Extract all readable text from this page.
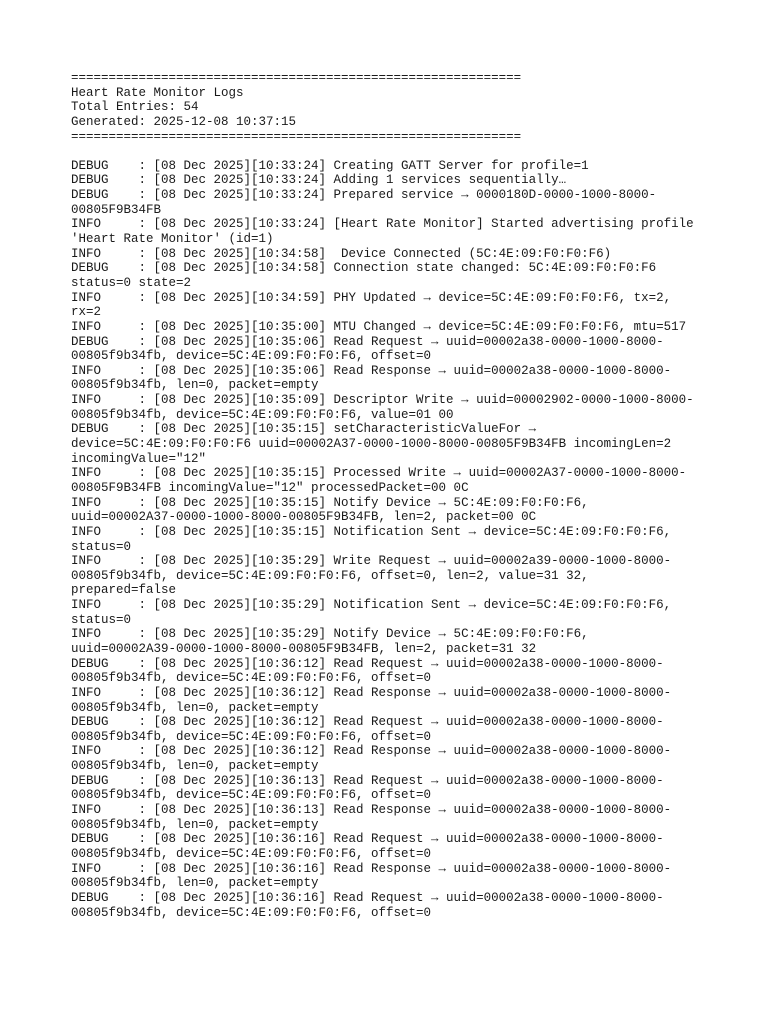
============================================================
Heart Rate Monitor Logs
Total Entries: 54
Generated: 2025-12-08 10:37:15
============================================================
DEBUG    : [08 Dec 2025][10:33:24] Creating GATT Server for profile=1
DEBUG    : [08 Dec 2025][10:33:24] Adding 1 services sequentially…
DEBUG    : [08 Dec 2025][10:33:24] Prepared service → 0000180D-0000-1000-8000-
00805F9B34FB
INFO     : [08 Dec 2025][10:33:24] [Heart Rate Monitor] Started advertising profile
'Heart Rate Monitor' (id=1)
INFO     : [08 Dec 2025][10:34:58]  Device Connected (5C:4E:09:F0:F0:F6)
DEBUG    : [08 Dec 2025][10:34:58] Connection state changed: 5C:4E:09:F0:F0:F6
status=0 state=2
INFO     : [08 Dec 2025][10:34:59] PHY Updated → device=5C:4E:09:F0:F0:F6, tx=2,
rx=2
INFO     : [08 Dec 2025][10:35:00] MTU Changed → device=5C:4E:09:F0:F0:F6, mtu=517
DEBUG    : [08 Dec 2025][10:35:06] Read Request → uuid=00002a38-0000-1000-8000-
00805f9b34fb, device=5C:4E:09:F0:F0:F6, offset=0
INFO     : [08 Dec 2025][10:35:06] Read Response → uuid=00002a38-0000-1000-8000-
00805f9b34fb, len=0, packet=empty
INFO     : [08 Dec 2025][10:35:09] Descriptor Write → uuid=00002902-0000-1000-8000-
00805f9b34fb, device=5C:4E:09:F0:F0:F6, value=01 00
DEBUG    : [08 Dec 2025][10:35:15] setCharacteristicValueFor →
device=5C:4E:09:F0:F0:F6 uuid=00002A37-0000-1000-8000-00805F9B34FB incomingLen=2
incomingValue="12"
INFO     : [08 Dec 2025][10:35:15] Processed Write → uuid=00002A37-0000-1000-8000-
00805F9B34FB incomingValue="12" processedPacket=00 0C
INFO     : [08 Dec 2025][10:35:15] Notify Device → 5C:4E:09:F0:F0:F6,
uuid=00002A37-0000-1000-8000-00805F9B34FB, len=2, packet=00 0C
INFO     : [08 Dec 2025][10:35:15] Notification Sent → device=5C:4E:09:F0:F0:F6,
status=0
INFO     : [08 Dec 2025][10:35:29] Write Request → uuid=00002a39-0000-1000-8000-
00805f9b34fb, device=5C:4E:09:F0:F0:F6, offset=0, len=2, value=31 32,
prepared=false
INFO     : [08 Dec 2025][10:35:29] Notification Sent → device=5C:4E:09:F0:F0:F6,
status=0
INFO     : [08 Dec 2025][10:35:29] Notify Device → 5C:4E:09:F0:F0:F6,
uuid=00002A39-0000-1000-8000-00805F9B34FB, len=2, packet=31 32
DEBUG    : [08 Dec 2025][10:36:12] Read Request → uuid=00002a38-0000-1000-8000-
00805f9b34fb, device=5C:4E:09:F0:F0:F6, offset=0
INFO     : [08 Dec 2025][10:36:12] Read Response → uuid=00002a38-0000-1000-8000-
00805f9b34fb, len=0, packet=empty
DEBUG    : [08 Dec 2025][10:36:12] Read Request → uuid=00002a38-0000-1000-8000-
00805f9b34fb, device=5C:4E:09:F0:F0:F6, offset=0
INFO     : [08 Dec 2025][10:36:12] Read Response → uuid=00002a38-0000-1000-8000-
00805f9b34fb, len=0, packet=empty
DEBUG    : [08 Dec 2025][10:36:13] Read Request → uuid=00002a38-0000-1000-8000-
00805f9b34fb, device=5C:4E:09:F0:F0:F6, offset=0
INFO     : [08 Dec 2025][10:36:13] Read Response → uuid=00002a38-0000-1000-8000-
00805f9b34fb, len=0, packet=empty
DEBUG    : [08 Dec 2025][10:36:16] Read Request → uuid=00002a38-0000-1000-8000-
00805f9b34fb, device=5C:4E:09:F0:F0:F6, offset=0
INFO     : [08 Dec 2025][10:36:16] Read Response → uuid=00002a38-0000-1000-8000-
00805f9b34fb, len=0, packet=empty
DEBUG    : [08 Dec 2025][10:36:16] Read Request → uuid=00002a38-0000-1000-8000-
00805f9b34fb, device=5C:4E:09:F0:F0:F6, offset=0
